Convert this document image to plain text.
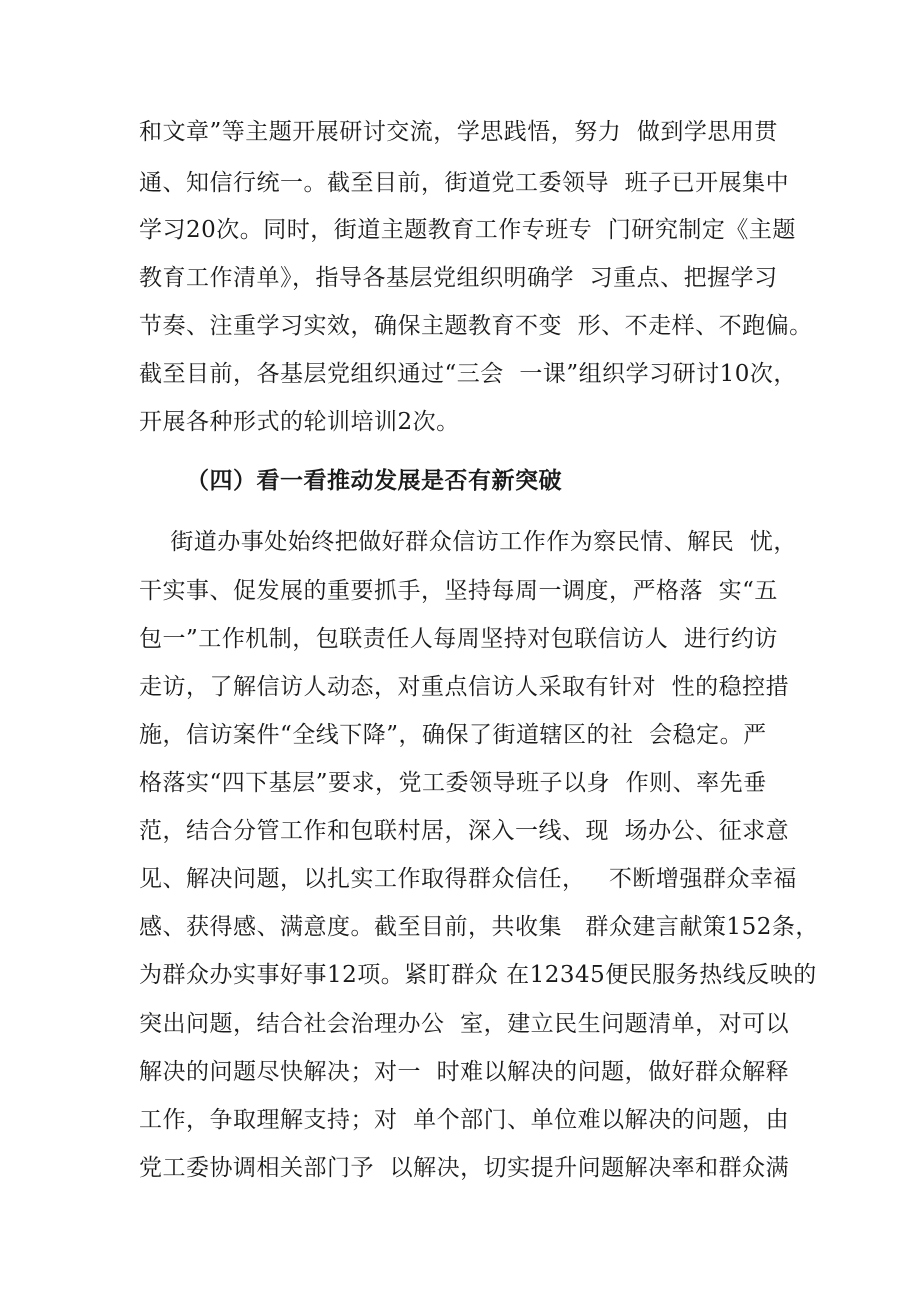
和文章”等主题开展研讨交流，学思践悟，努力  做到学思用贯
通、知信行统一。截至目前，街道党工委领导  班子已开展集中
学习20次。同时，街道主题教育工作专班专  门研究制定《主题
教育工作清单》，指导各基层党组织明确学  习重点、把握学习
节奏、注重学习实效，确保主题教育不变  形、不走样、不跑偏。
截至目前，各基层党组织通过“三会  一课”组织学习研讨10次，
开展各种形式的轮训培训2次。
（四）看一看推动发展是否有新突破
街道办事处始终把做好群众信访工作作为察民情、解民  忧，
干实事、促发展的重要抓手，坚持每周一调度，严格落  实“五
包一”工作机制，包联责任人每周坚持对包联信访人  进行约访
走访，了解信访人动态，对重点信访人采取有针对  性的稳控措
施，信访案件“全线下降”，确保了街道辖区的社  会稳定。严
格落实“四下基层”要求，党工委领导班子以身  作则、率先垂
范，结合分管工作和包联村居，深入一线、现  场办公、征求意
见、解决问题，以扎实工作取得群众信任，   不断增强群众幸福
感、获得感、满意度。截至目前，共收集   群众建言献策152条，
为群众办实事好事12项。紧盯群众 在12345便民服务热线反映的
突出问题，结合社会治理办公  室，建立民生问题清单，对可以
解决的问题尽快解决；对一  时难以解决的问题，做好群众解释
工作，争取理解支持；对  单个部门、单位难以解决的问题，由
党工委协调相关部门予  以解决，切实提升问题解决率和群众满
